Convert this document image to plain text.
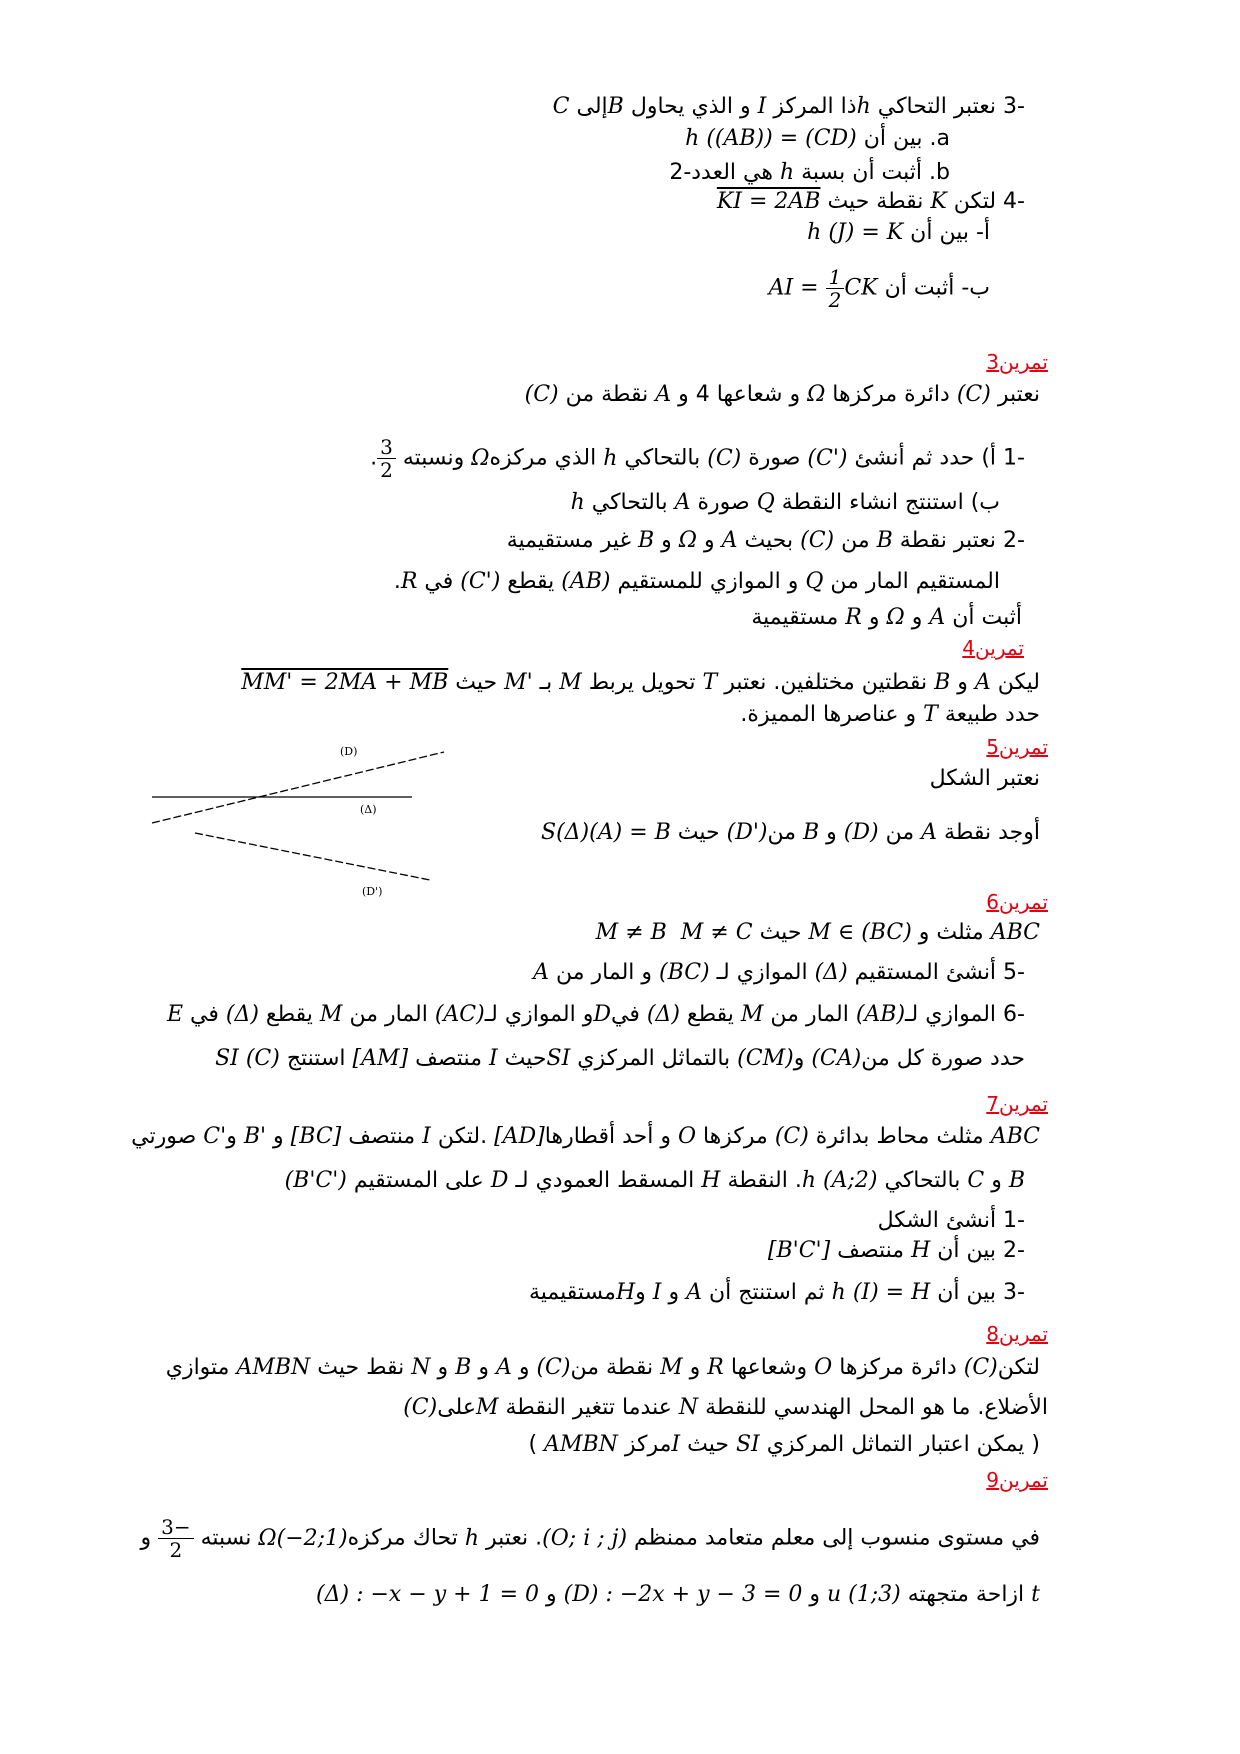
-3 نعتبر التحاكي hذا المركز I و الذي يحاول Bإلى C
a. بين أن h ((AB)) = (CD)
b. أثبت أن بسبة h هي العدد-2
-4 لتكن K نقطة حيث KI = 2AB
أ- بين أن h (J) = K
ب- أثبت أن AI = $\frac{1}{2}$ CK
تمرين3
نعتبر (C) دائرة مركزها Ω و شعاعها 4 و A نقطة من (C)
-1 أ) حدد ثم أنشئ (C') صورة (C) بالتحاكي h الذي مركزهΩ ونسبته
$\frac{3}{2}$
.
ب) استنتج انشاء النقطة Q صورة A بالتحاكي h
-2 نعتبر نقطة B من (C) بحيث A و Ω و B غير مستقيمية
المستقيم المار من Q و الموازي للمستقيم (AB) يقطع (C') في R.
أثبت أن A و Ω و R مستقيمية
تمرين4
ليكن A و B نقطتين مختلفين. نعتبر T تحويل يربط M بـ M' حيث MM' = 2MA + MB
حدد طبيعة T و عناصرها المميزة.
تمرين5
نعتبر الشكل
(D)
(Δ)
(D')
أوجد نقطة A من (D) و B من(D') حيث S(Δ)(A) = B
تمرين6
ABC مثلث و M ∈ (BC) حيث M ≠ C  M ≠ B
-5 أنشئ المستقيم (Δ) الموازي لـ (BC) و المار من A
-6 الموازي لـ(AB) المار من M يقطع (Δ) فيDو الموازي لـ(AC) المار من M يقطع (Δ) في E
حدد صورة كل من(CA) و(CM) بالتماثل المركزي SIحيث I منتصف [AM] استنتج SI (C)
تمرين7
ABC مثلث محاط بدائرة (C) مركزها O و أحد أقطارها[AD] .لتكن I منتصف [BC] و B' وC' صورتي
B و C بالتحاكي h (A;2). النقطة H المسقط العمودي لـ D على المستقيم (B'C')
-1 أنشئ الشكل
-2 بين أن H منتصف [B'C']
-3 بين أن h (I) = H ثم استنتج أن A و I وHمستقيمية
تمرين8
لتكن(C) دائرة مركزها O وشعاعها R و M نقطة من(C) و A و B و N نقط حيث AMBN متوازي
الأضلاع. ما هو المحل الهندسي للنقطة N عندما تتغير النقطة Mعلى(C)
( يمكن اعتبار التماثل المركزي SI حيث Iمركز AMBN )
تمرين9
في مستوى منسوب إلى معلم متعامد ممنظم (O; i ; j). نعتبر h تحاك مركزهΩ(−2;1) نسبته
$\frac{-3}{2}$
و
t ازاحة متجهته u (1;3) و (D) : −2x + y − 3 = 0 و (Δ) : −x − y + 1 = 0
